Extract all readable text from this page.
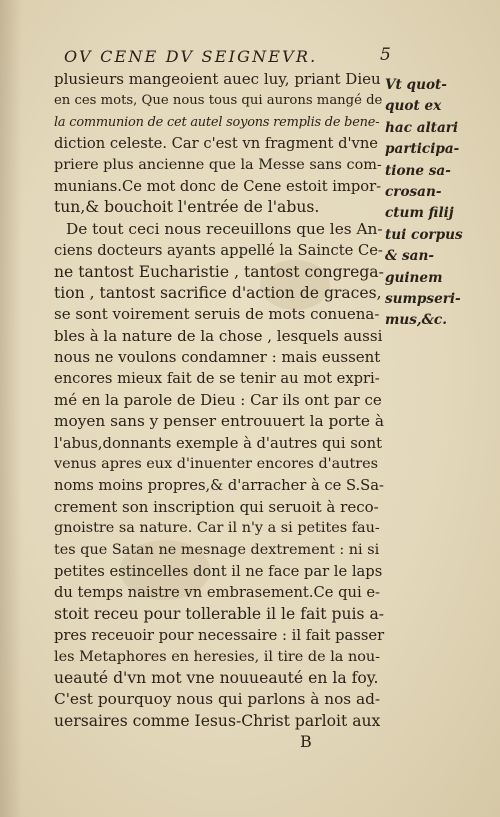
OV CENE DV SEIGNEVR.	5
plusieurs mangeoient auec luy, priant Dieu
en ces mots, Que nous tous qui aurons mangé de
la communion de cet autel soyons remplis de bene-
diction celeste. Car c'est vn fragment d'vne
priere plus ancienne que la Messe sans com-
munians.Ce mot donc de Cene estoit impor-
tun,& bouchoit l'entrée de l'abus.
De tout ceci nous receuillons que les An-
ciens docteurs ayants appellé la Saincte Ce-
ne tantost Eucharistie , tantost congrega-
tion , tantost sacrifice d'action de graces,
se sont voirement seruis de mots conuena-
bles à la nature de la chose , lesquels aussi
nous ne voulons condamner : mais eussent
encores mieux fait de se tenir au mot expri-
mé en la parole de Dieu : Car ils ont par ce
moyen sans y penser entrouuert la porte à
l'abus,donnants exemple à d'autres qui sont
venus apres eux d'inuenter encores d'autres
noms moins propres,& d'arracher à ce S.Sa-
crement son inscription qui seruoit à reco-
gnoistre sa nature. Car il n'y a si petites fau-
tes que Satan ne mesnage dextrement : ni si
petites estincelles dont il ne face par le laps
du temps naistre vn embrasement.Ce qui e-
stoit receu pour tollerable il le fait puis a-
pres receuoir pour necessaire : il fait passer
les Metaphores en heresies, il tire de la nou-
ueauté d'vn mot vne nouueauté en la foy.
C'est pourquoy nous qui parlons à nos ad-
uersaires comme Iesus-Christ parloit aux
Vt quot-
quot ex
hac altari
participa-
tione sa-
crosan-
ctum filij
tui corpus
& san-
guinem
sumpseri-
mus,&c.
B
